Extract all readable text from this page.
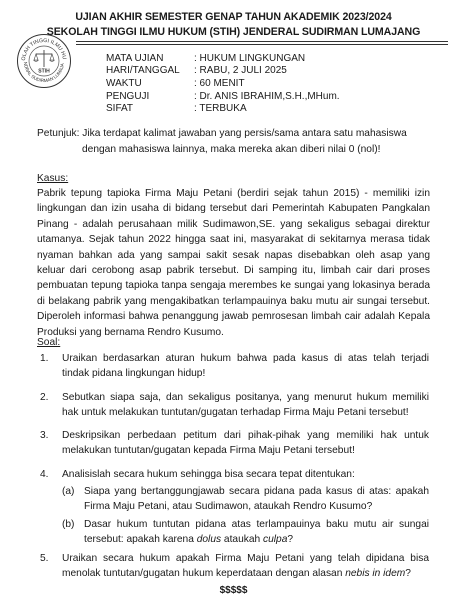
UJIAN AKHIR SEMESTER GENAP TAHUN AKADEMIK 2023/2024
SEKOLAH TINGGI ILMU HUKUM (STIH) JENDERAL SUDIRMAN LUMAJANG
OLAH TINGGI ILMU HU
NDRAL SUDIRMAN LUMAJA
STIH
MATA UJIAN	: HUKUM LINGKUNGAN
HARI/TANGGAL : RABU, 2 JULI 2025
WAKTU	: 60 MENIT
PENGUJI	: Dr. ANIS IBRAHIM,S.H.,MHum.
SIFAT	: TERBUKA
Petunjuk: Jika terdapat kalimat jawaban yang persis/sama antara satu mahasiswa
dengan mahasiswa lainnya, maka mereka akan diberi nilai 0 (nol)!
Kasus:
Pabrik tepung tapioka Firma Maju Petani (berdiri sejak tahun 2015) - memiliki izin
lingkungan dan izin usaha di bidang tersebut dari Pemerintah Kabupaten Pangkalan
Pinang - adalah perusahaan milik Sudimawon,SE. yang sekaligus sebagai direktur
utamanya. Sejak tahun 2022 hingga saat ini, masyarakat di sekitarnya merasa tidak
nyaman bahkan ada yang sampai sakit sesak napas disebabkan oleh asap yang
keluar dari cerobong asap pabrik tersebut. Di samping itu, limbah cair dari proses
pembuatan tepung tapioka tanpa sengaja merembes ke sungai yang lokasinya berada
di belakang pabrik yang mengakibatkan terlampauinya baku mutu air sungai tersebut.
Diperoleh informasi bahwa penanggung jawab pemrosesan limbah cair adalah Kepala
Produksi yang bernama Rendro Kusumo.
Soal:
1. Uraikan berdasarkan aturan hukum bahwa pada kasus di atas telah terjadi
tindak pidana lingkungan hidup!
2. Sebutkan siapa saja, dan sekaligus positanya, yang menurut hukum memiliki
hak untuk melakukan tuntutan/gugatan terhadap Firma Maju Petani tersebut!
3. Deskripsikan perbedaan petitum dari pihak-pihak yang memiliki hak untuk
melakukan tuntutan/gugatan kepada Firma Maju Petani tersebut!
4. Analisislah secara hukum sehingga bisa secara tepat ditentukan:
(a) Siapa yang bertanggungjawab secara pidana pada kasus di atas: apakah
Firma Maju Petani, atau Sudimawon, ataukah Rendro Kusumo?
(b) Dasar hukum tuntutan pidana atas terlampauinya baku mutu air sungai
tersebut: apakah karena dolus ataukah culpa?
5. Uraikan secara hukum apakah Firma Maju Petani yang telah dipidana bisa
menolak tuntutan/gugatan hukum keperdataan dengan alasan nebis in idem?
$$$$$
